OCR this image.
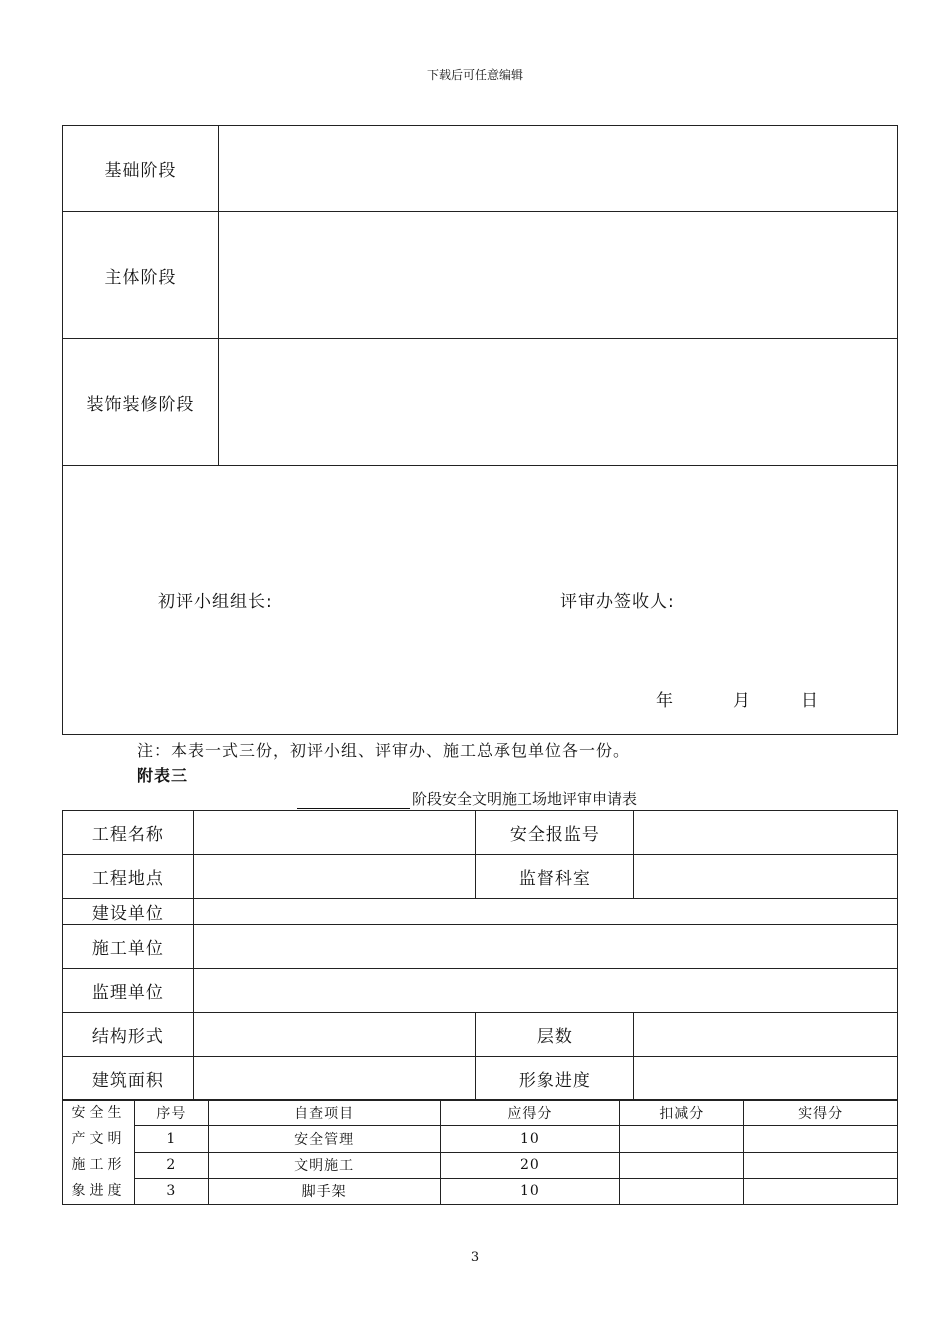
下载后可任意编辑
基础阶段	
主体阶段	
装饰装修阶段	

初评小组组长:	评审办签收人:
年	月	日
注：本表一式三份，初评小组、评审办、施工总承包单位各一份。
附表三
阶段安全文明施工场地评审申请表
工程名称		安全报监号	
工程地点		监督科室	
建设单位			
施工单位			
监理单位			
结构形式		层数	
建筑面积		形象进度	
安全生
产文明
施工形
象进度	序号	自查项目	应得分	扣减分	实得分
	1	安全管理	10		
	2	文明施工	20		
	3	脚手架	10		
3
